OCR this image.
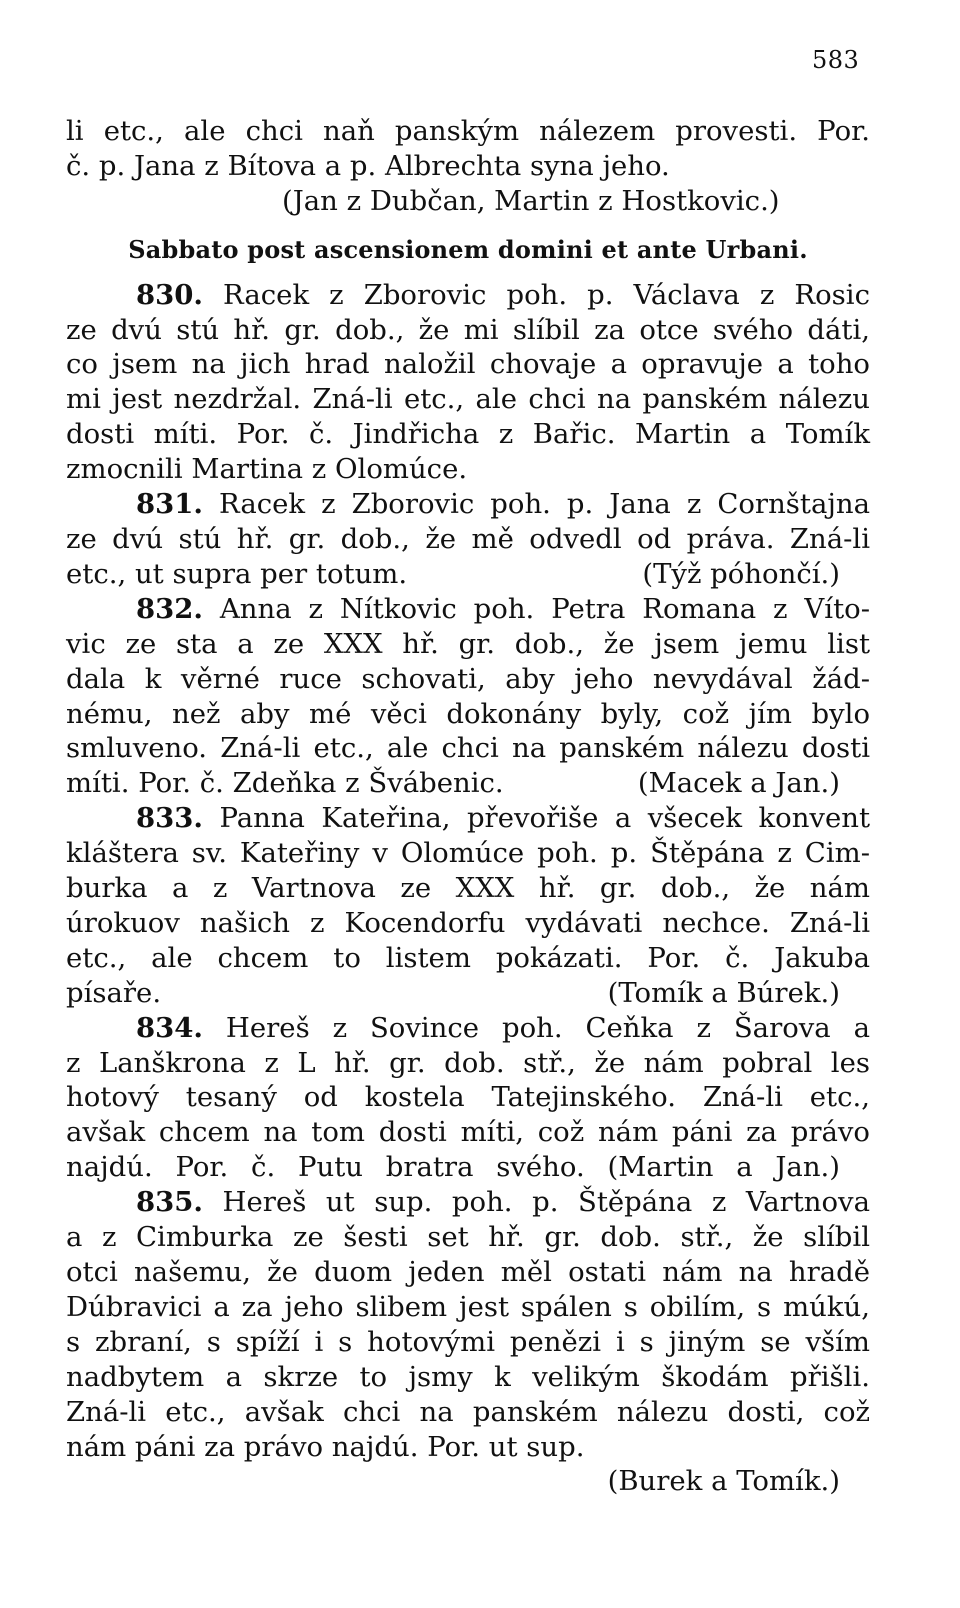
583
li etc., ale chci naň panským nálezem provesti. Por.
č. p. Jana z Bítova a p. Albrechta syna jeho.
(Jan z Dubčan, Martin z Hostkovic.)
Sabbato post ascensionem domini et ante Urbani.
830. Racek z Zborovic poh. p. Václava z Rosic
ze dvú stú hř. gr. dob., že mi slíbil za otce svého dáti,
co jsem na jich hrad naložil chovaje a opravuje a toho
mi jest nezdržal. Zná-li etc., ale chci na panském nálezu
dosti míti. Por. č. Jindřicha z Bařic. Martin a Tomík
zmocnili Martina z Olomúce.
831. Racek z Zborovic poh. p. Jana z Cornštajna
ze dvú stú hř. gr. dob., že mě odvedl od práva. Zná-li
etc., ut supra per totum.	(Týž póhončí.)
832. Anna z Nítkovic poh. Petra Romana z Víto-
vic ze sta a ze XXX hř. gr. dob., že jsem jemu list
dala k věrné ruce schovati, aby jeho nevydával žád-
nému, než aby mé věci dokonány byly, což jím bylo
smluveno. Zná-li etc., ale chci na panském nálezu dosti
míti. Por. č. Zdeňka z Švábenic.	(Macek a Jan.)
833. Panna Kateřina, převořiše a všecek konvent
kláštera sv. Kateřiny v Olomúce poh. p. Štěpána z Cim-
burka a z Vartnova ze XXX hř. gr. dob., že nám
úrokuov našich z Kocendorfu vydávati nechce. Zná-li
etc., ale chcem to listem pokázati. Por. č. Jakuba
písaře.	(Tomík a Búrek.)
834. Hereš z Sovince poh. Ceňka z Šarova a
z Lanškrona z L hř. gr. dob. stř., že nám pobral les
hotový tesaný od kostela Tatejinského. Zná-li etc.,
avšak chcem na tom dosti míti, což nám páni za právo
najdú. Por. č. Putu bratra svého. (Martin a Jan.)
835. Hereš ut sup. poh. p. Štěpána z Vartnova
a z Cimburka ze šesti set hř. gr. dob. stř., že slíbil
otci našemu, že duom jeden měl ostati nám na hradě
Dúbravici a za jeho slibem jest spálen s obilím, s múkú,
s zbraní, s spíží i s hotovými penězi i s jiným se vším
nadbytem a skrze to jsmy k velikým škodám přišli.
Zná-li etc., avšak chci na panském nálezu dosti, což
nám páni za právo najdú. Por. ut sup.
(Burek a Tomík.)
